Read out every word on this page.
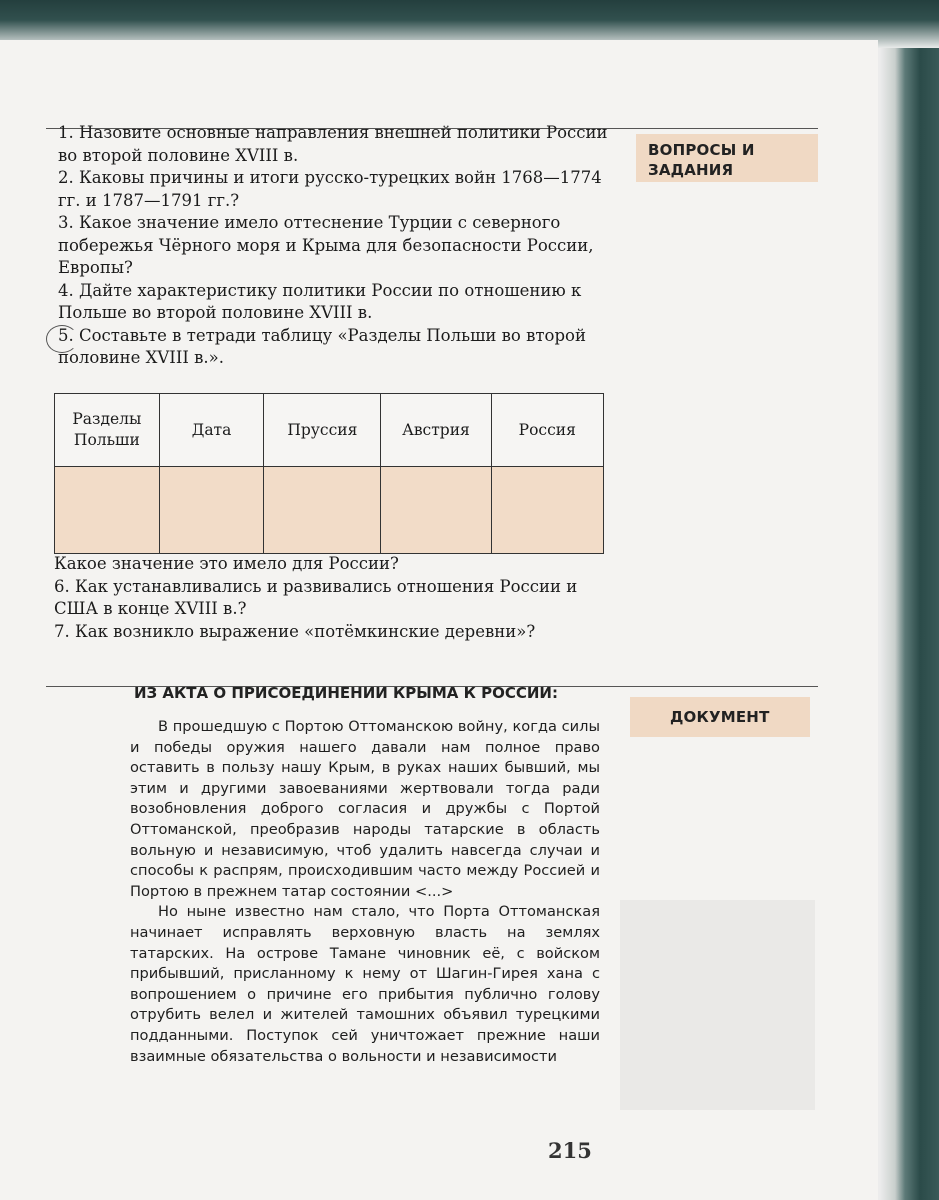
ВОПРОСЫ И ЗАДАНИЯ

1. Назовите основные направления внешней политики России во второй половине XVIII в.

2. Каковы причины и итоги русско-турецких войн 1768—1774 гг. и 1787—1791 гг.?

3. Какое значение имело оттеснение Турции с северного побережья Чёрного моря и Крыма для безопасности России, Европы?

4. Дайте характеристику политики России по отношению к Польше во второй половине XVIII в.

5. Составьте в тетради таблицу «Разделы Польши во второй половине XVIII в.».

Разделы Польши	Дата	Пруссия	Австрия	Россия

Какое значение это имело для России?

6. Как устанавливались и развивались отношения России и США в конце XVIII в.?

7. Как возникло выражение «потёмкинские деревни»?

ИЗ АКТА О ПРИСОЕДИНЕНИИ КРЫМА К РОССИИ:
ДОКУМЕНТ

В прошедшую с Портою Оттоманскою войну, когда силы и победы оружия нашего давали нам полное право оставить в пользу нашу Крым, в руках наших бывший, мы этим и другими завоеваниями жертвовали тогда ради возобновления доброго согласия и дружбы с Портой Оттоманской, преобразив народы татарские в область вольную и независимую, чтоб удалить навсегда случаи и способы к распрям, происходившим часто между Россией и Портою в прежнем татар состоянии <...>

Но ныне известно нам стало, что Порта Оттоманская начинает исправлять верховную власть на землях татарских. На острове Тамане чиновник её, с войском прибывший, присланному к нему от Шагин-Гирея хана с вопрошением о причине его прибытия публично голову отрубить велел и жителей тамошних объявил турецкими подданными. Поступок сей уничтожает прежние наши взаимные обязательства о вольности и независимости

215
